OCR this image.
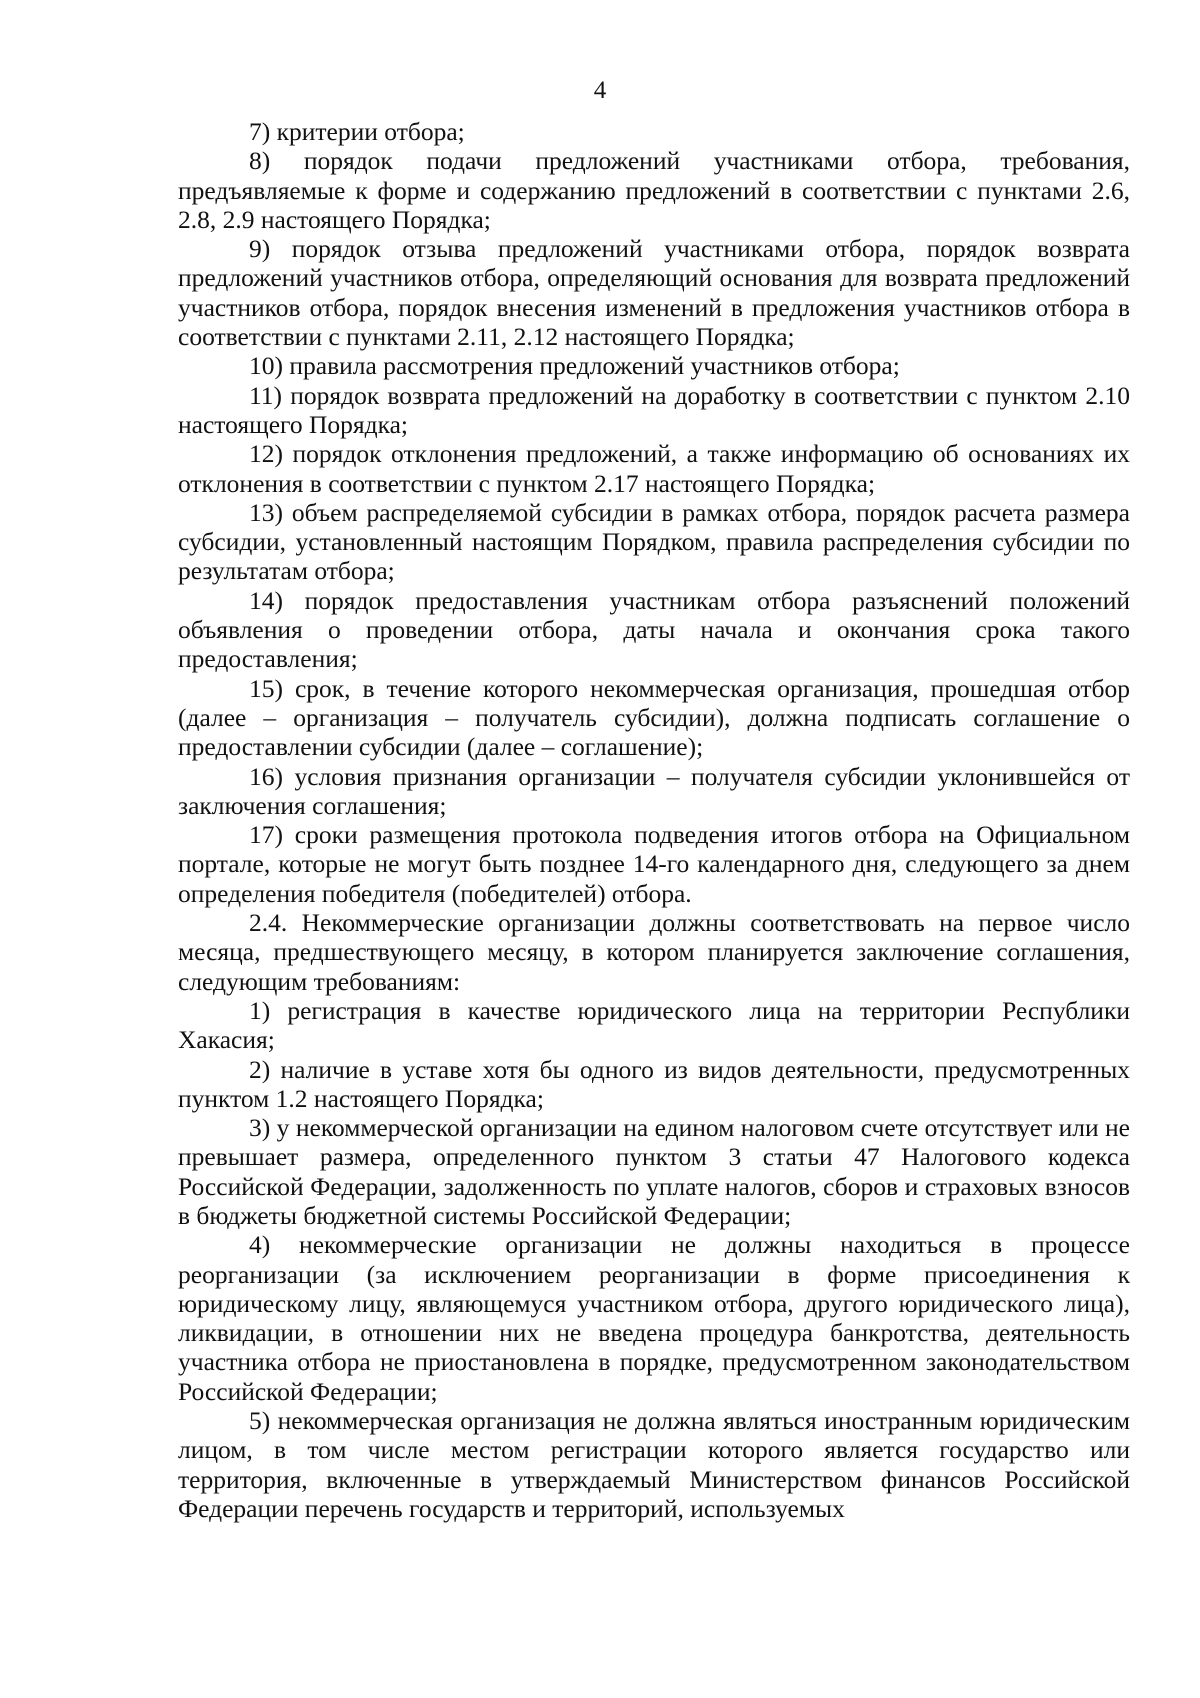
4

7) критерии отбора;

8) порядок подачи предложений участниками отбора, требования, предъявляемые к форме и содержанию предложений в соответствии с пунктами 2.6, 2.8, 2.9 настоящего Порядка;

9) порядок отзыва предложений участниками отбора, порядок возврата предложений участников отбора, определяющий основания для возврата предложений участников отбора, порядок внесения изменений в предложения участников отбора в соответствии с пунктами 2.11, 2.12 настоящего Порядка;

10) правила рассмотрения предложений участников отбора;

11) порядок возврата предложений на доработку в соответствии с пунктом 2.10 настоящего Порядка;

12) порядок отклонения предложений, а также информацию об основаниях их отклонения в соответствии с пунктом 2.17 настоящего Порядка;

13) объем распределяемой субсидии в рамках отбора, порядок расчета размера субсидии, установленный настоящим Порядком, правила распределения субсидии по результатам отбора;

14) порядок предоставления участникам отбора разъяснений положений объявления о проведении отбора, даты начала и окончания срока такого предоставления;

15) срок, в течение которого некоммерческая организация, прошедшая отбор (далее – организация – получатель субсидии), должна подписать соглашение о предоставлении субсидии (далее – соглашение);

16) условия признания организации – получателя субсидии уклонившейся от заключения соглашения;

17) сроки размещения протокола подведения итогов отбора на Официальном портале, которые не могут быть позднее 14-го календарного дня, следующего за днем определения победителя (победителей) отбора.

2.4. Некоммерческие организации должны соответствовать на первое число месяца, предшествующего месяцу, в котором планируется заключение соглашения, следующим требованиям:

1) регистрация в качестве юридического лица на территории Республики Хакасия;

2) наличие в уставе хотя бы одного из видов деятельности, предусмотренных пунктом 1.2 настоящего Порядка;

3) у некоммерческой организации на едином налоговом счете отсутствует или не превышает размера, определенного пунктом 3 статьи 47 Налогового кодекса Российской Федерации, задолженность по уплате налогов, сборов и страховых взносов в бюджеты бюджетной системы Российской Федерации;

4) некоммерческие организации не должны находиться в процессе реорганизации (за исключением реорганизации в форме присоединения к юридическому лицу, являющемуся участником отбора, другого юридического лица), ликвидации, в отношении них не введена процедура банкротства, деятельность участника отбора не приостановлена в порядке, предусмотренном законодательством Российской Федерации;

5) некоммерческая организация не должна являться иностранным юридическим лицом, в том числе местом регистрации которого является государство или территория, включенные в утверждаемый Министерством финансов Российской Федерации перечень государств и территорий, используемых
